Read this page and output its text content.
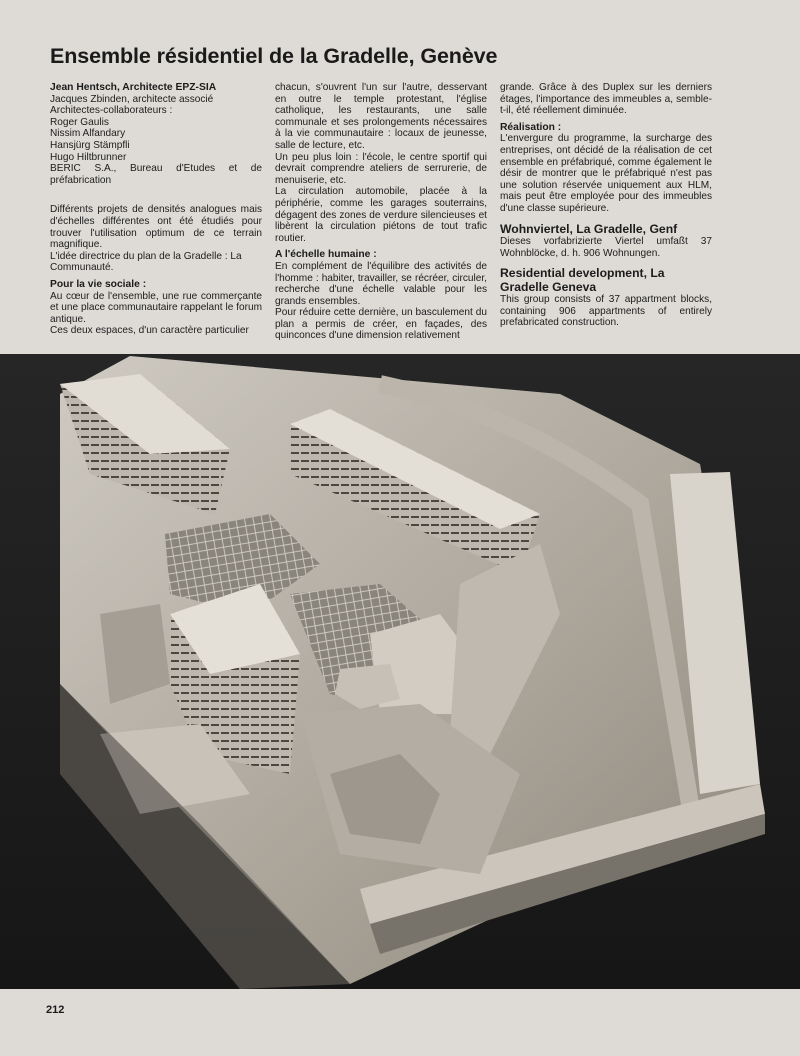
Ensemble résidentiel de la Gradelle, Genève

Jean Hentsch, Architecte EPZ-SIA

Jacques Zbinden, architecte associé

Architectes-collaborateurs :

Roger Gaulis

Nissim Alfandary

Hansjürg Stämpfli

Hugo Hiltbrunner

BERIC S.A., Bureau d'Etudes et de préfabrication

Différents projets de densités analogues mais d'échelles différentes ont été étudiés pour trouver l'utilisation optimum de ce terrain magnifique.

L'idée directrice du plan de la Gradelle : La Communauté.

Pour la vie sociale :

Au cœur de l'ensemble, une rue commerçante et une place communautaire rappelant le forum antique.

Ces deux espaces, d'un caractère particulier

chacun, s'ouvrent l'un sur l'autre, desservant en outre le temple protestant, l'église catholique, les restaurants, une salle communale et ses prolongements nécessaires à la vie communautaire : locaux de jeunesse, salle de lecture, etc.

Un peu plus loin : l'école, le centre sportif qui devrait comprendre ateliers de serrurerie, de menuiserie, etc.

La circulation automobile, placée à la périphérie, comme les garages souterrains, dégagent des zones de verdure silencieuses et libèrent la circulation piétons de tout trafic routier.

A l'échelle humaine :

En complément de l'équilibre des activités de l'homme : habiter, travailler, se récréer, circuler, recherche d'une échelle valable pour les grands ensembles.

Pour réduire cette dernière, un basculement du plan a permis de créer, en façades, des quinconces d'une dimension relativement

grande. Grâce à des Duplex sur les derniers étages, l'importance des immeubles a, semble-t-il, été réellement diminuée.

Réalisation :

L'envergure du programme, la surcharge des entreprises, ont décidé de la réalisation de cet ensemble en préfabriqué, comme également le désir de montrer que le préfabriqué n'est pas une solution réservée uniquement aux HLM, mais peut être employée pour des immeubles d'une classe supérieure.

Wohnviertel, La Gradelle, Genf

Dieses vorfabrizierte Viertel umfaßt 37 Wohnblöcke, d. h. 906 Wohnungen.

Residential development, La Gradelle Geneva

This group consists of 37 appartment blocks, containing 906 appartments of entirely prefabricated construction.

212
